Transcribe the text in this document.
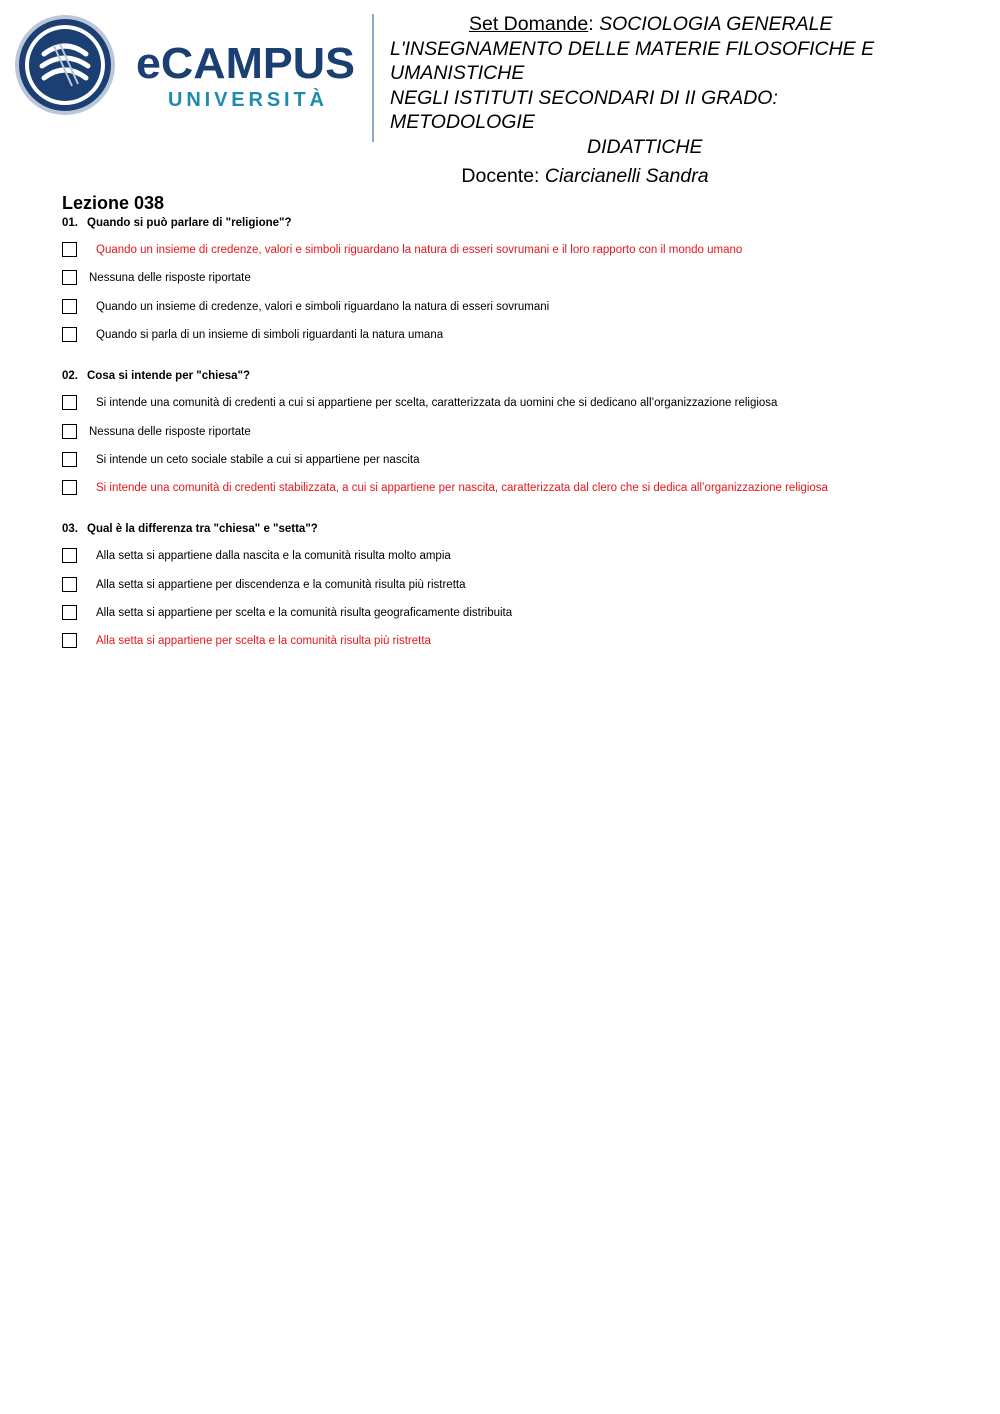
eCAMPUS
UNIVERSITÀ
Set Domande: SOCIOLOGIA GENERALE
L'INSEGNAMENTO DELLE MATERIE FILOSOFICHE E
UMANISTICHE
NEGLI ISTITUTI SECONDARI DI II GRADO:
METODOLOGIE
DIDATTICHE
Docente: Ciarcianelli Sandra
Lezione 038
01. Quando si può parlare di "religione"?
Quando un insieme di credenze, valori e simboli riguardano la natura di esseri sovrumani e il loro rapporto con il mondo umano
Nessuna delle risposte riportate
Quando un insieme di credenze, valori e simboli riguardano la natura di esseri sovrumani
Quando si parla di un insieme di simboli riguardanti la natura umana
02. Cosa si intende per "chiesa"?
Si intende una comunità di credenti a cui si appartiene per scelta, caratterizzata da uomini che si dedicano all’organizzazione religiosa
Nessuna delle risposte riportate
Si intende un ceto sociale stabile a cui si appartiene per nascita
Si intende una comunità di credenti stabilizzata, a cui si appartiene per nascita, caratterizzata dal clero che si dedica all’organizzazione religiosa
03. Qual è la differenza tra "chiesa" e "setta"?
Alla setta si appartiene dalla nascita e la comunità risulta molto ampia
Alla setta si appartiene per discendenza e la comunità risulta più ristretta
Alla setta si appartiene per scelta e la comunità risulta geograficamente distribuita
Alla setta si appartiene per scelta e la comunità risulta più ristretta
